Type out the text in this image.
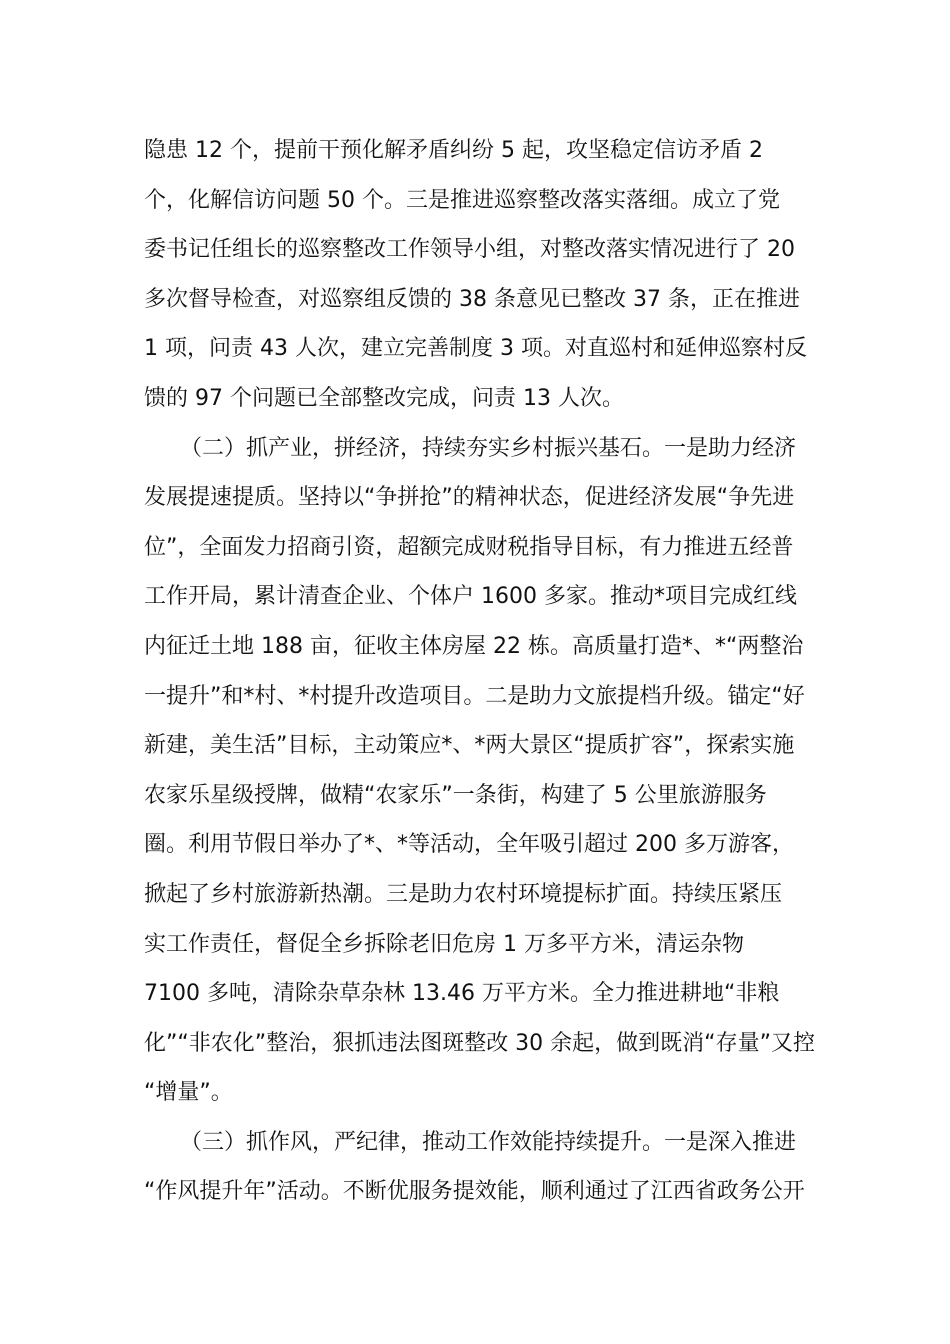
隐患 12 个，提前干预化解矛盾纠纷 5 起，攻坚稳定信访矛盾 2
个，化解信访问题 50 个。三是推进巡察整改落实落细。成立了党
委书记任组长的巡察整改工作领导小组，对整改落实情况进行了 20
多次督导检查，对巡察组反馈的 38 条意见已整改 37 条，正在推进
1 项，问责 43 人次，建立完善制度 3 项。对直巡村和延伸巡察村反
馈的 97 个问题已全部整改完成，问责 13 人次。
（二）抓产业，拼经济，持续夯实乡村振兴基石。一是助力经济
发展提速提质。坚持以“争拼抢”的精神状态，促进经济发展“争先进
位”，全面发力招商引资，超额完成财税指导目标，有力推进五经普
工作开局，累计清查企业、个体户 1600 多家。推动*项目完成红线
内征迁土地 188 亩，征收主体房屋 22 栋。高质量打造*、*“两整治
一提升”和*村、*村提升改造项目。二是助力文旅提档升级。锚定“好
新建，美生活”目标，主动策应*、*两大景区“提质扩容”，探索实施
农家乐星级授牌，做精“农家乐”一条街，构建了 5 公里旅游服务
圈。利用节假日举办了*、*等活动，全年吸引超过 200 多万游客，
掀起了乡村旅游新热潮。三是助力农村环境提标扩面。持续压紧压
实工作责任，督促全乡拆除老旧危房 1 万多平方米，清运杂物
7100 多吨，清除杂草杂林 13.46 万平方米。全力推进耕地“非粮
化”“非农化”整治，狠抓违法图斑整改 30 余起，做到既消“存量”又控
“增量”。
（三）抓作风，严纪律，推动工作效能持续提升。一是深入推进
“作风提升年”活动。不断优服务提效能，顺利通过了江西省政务公开
